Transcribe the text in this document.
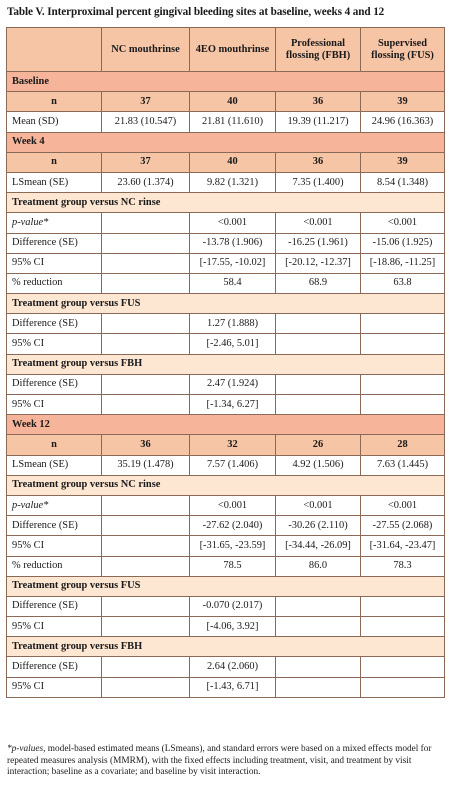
Table V. Interproximal percent gingival bleeding sites at baseline, weeks 4 and 12
	NC mouthrinse	4EO mouthrinse	Professional flossing (FBH)	Supervised flossing (FUS)
Baseline				
n	37	40	36	39
Mean (SD)	21.83 (10.547)	21.81 (11.610)	19.39 (11.217)	24.96 (16.363)
Week 4				
n	37	40	36	39
LSmean (SE)	23.60 (1.374)	9.82 (1.321)	7.35 (1.400)	8.54 (1.348)
Treatment group versus NC rinse				
p-value*		<0.001	<0.001	<0.001
Difference (SE)		-13.78 (1.906)	-16.25 (1.961)	-15.06 (1.925)
95% CI		[-17.55, -10.02]	[-20.12, -12.37]	[-18.86, -11.25]
% reduction		58.4	68.9	63.8
Treatment group versus FUS				
Difference (SE)		1.27 (1.888)		
95% CI		[-2.46, 5.01]		
Treatment group versus FBH				
Difference (SE)		2.47 (1.924)		
95% CI		[-1.34, 6.27]		
Week 12				
n	36	32	26	28
LSmean (SE)	35.19 (1.478)	7.57 (1.406)	4.92 (1.506)	7.63 (1.445)
Treatment group versus NC rinse				
p-value*		<0.001	<0.001	<0.001
Difference (SE)		-27.62 (2.040)	-30.26 (2.110)	-27.55 (2.068)
95% CI		[-31.65, -23.59]	[-34.44, -26.09]	[-31.64, -23.47]
% reduction		78.5	86.0	78.3
Treatment group versus FUS				
Difference (SE)		-0.070 (2.017)		
95% CI		[-4.06, 3.92]		
Treatment group versus FBH				
Difference (SE)		2.64 (2.060)		
95% CI		[-1.43, 6.71]		
*p-values, model-based estimated means (LSmeans), and standard errors were based on a mixed effects model for repeated measures analysis (MMRM), with the fixed effects including treatment, visit, and treatment by visit interaction; baseline as a covariate; and baseline by visit interaction.
